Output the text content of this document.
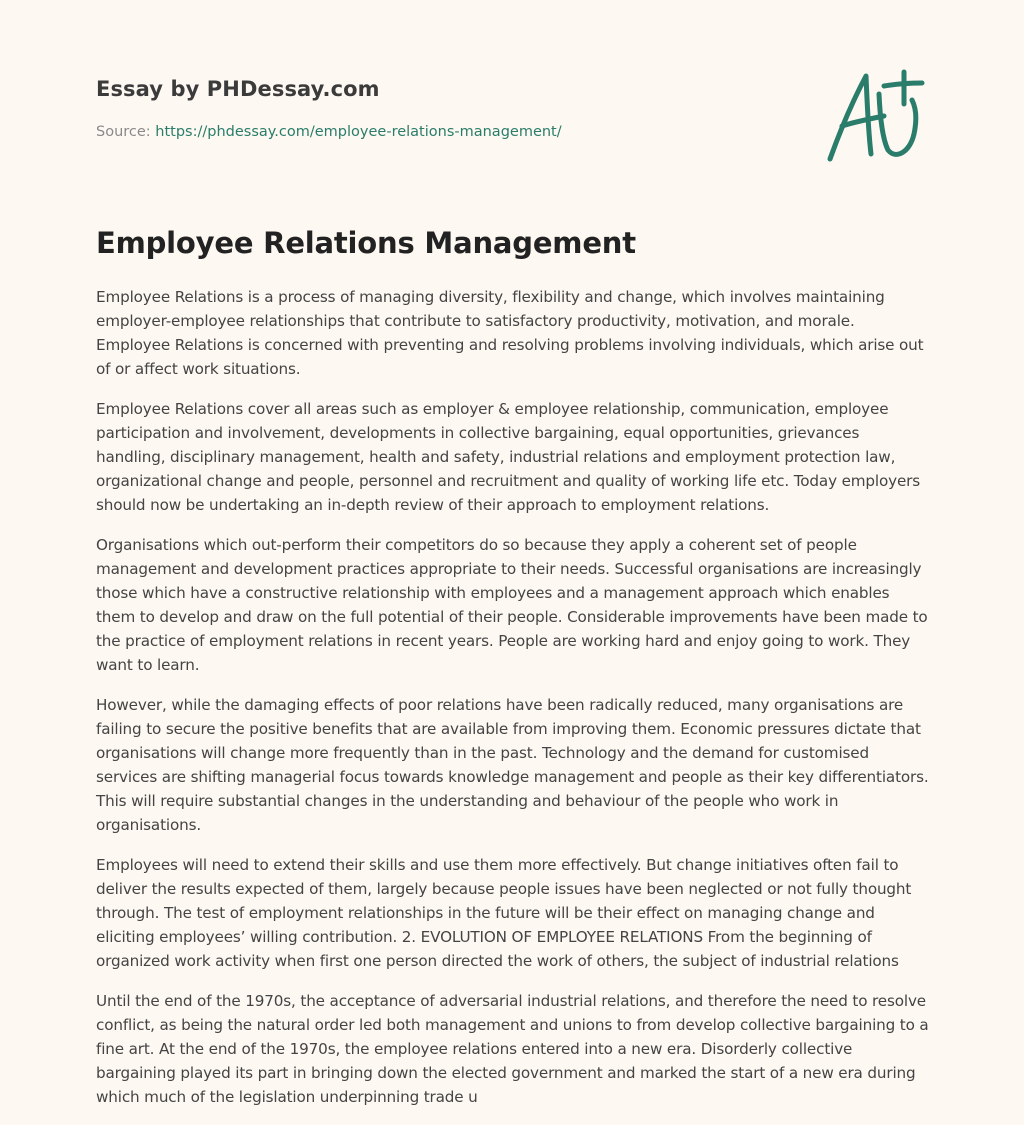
Essay by PHDessay.com
Source: https://phdessay.com/employee-relations-management/
Employee Relations Management

Employee Relations is a process of managing diversity, flexibility and change, which involves maintaining employer-employee relationships that contribute to satisfactory productivity, motivation, and morale. Employee Relations is concerned with preventing and resolving problems involving individuals, which arise out of or affect work situations.

Employee Relations cover all areas such as employer & employee relationship, communication, employee participation and involvement, developments in collective bargaining, equal opportunities, grievances handling, disciplinary management, health and safety, industrial relations and employment protection law, organizational change and people, personnel and recruitment and quality of working life etc. Today employers should now be undertaking an in-depth review of their approach to employment relations.

Organisations which out-perform their competitors do so because they apply a coherent set of people management and development practices appropriate to their needs. Successful organisations are increasingly those which have a constructive relationship with employees and a management approach which enables them to develop and draw on the full potential of their people. Considerable improvements have been made to the practice of employment relations in recent years. People are working hard and enjoy going to work. They want to learn.

However, while the damaging effects of poor relations have been radically reduced, many organisations are failing to secure the positive benefits that are available from improving them. Economic pressures dictate that organisations will change more frequently than in the past. Technology and the demand for customised services are shifting managerial focus towards knowledge management and people as their key differentiators. This will require substantial changes in the understanding and behaviour of the people who work in organisations.

Employees will need to extend their skills and use them more effectively. But change initiatives often fail to deliver the results expected of them, largely because people issues have been neglected or not fully thought through. The test of employment relationships in the future will be their effect on managing change and eliciting employees’ willing contribution. 2. EVOLUTION OF EMPLOYEE RELATIONS From the beginning of organized work activity when first one person directed the work of others, the subject of industrial relations

Until the end of the 1970s, the acceptance of adversarial industrial relations, and therefore the need to resolve conflict, as being the natural order led both management and unions to from develop collective bargaining to a fine art. At the end of the 1970s, the employee relations entered into a new era. Disorderly collective bargaining played its part in bringing down the elected government and marked the start of a new era during which much of the legislation underpinning trade u
